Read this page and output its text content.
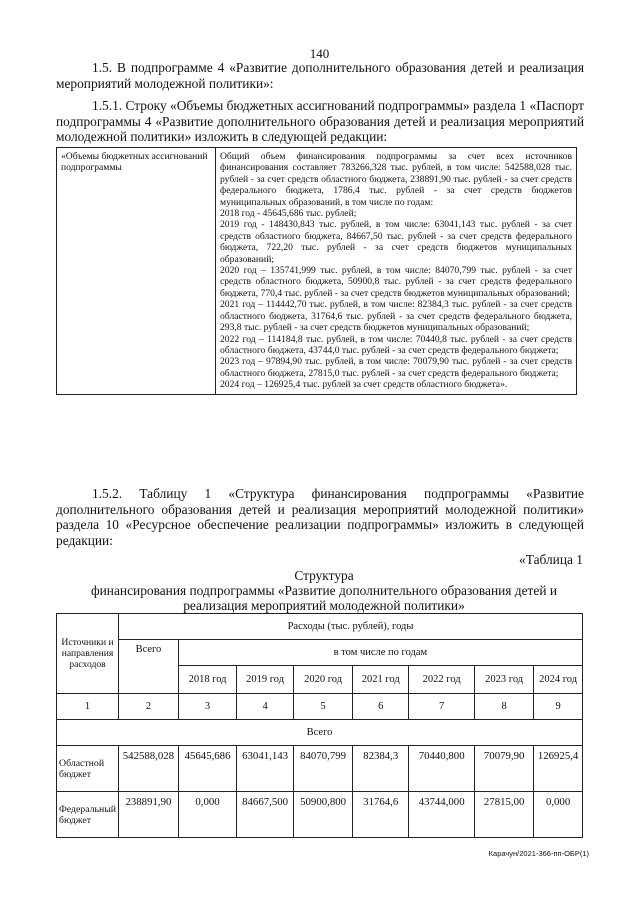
140

1.5. В подпрограмме 4 «Развитие дополнительного образования детей и реализация мероприятий молодежной политики»:

1.5.1. Строку «Объемы бюджетных ассигнований подпрограммы» раздела 1 «Паспорт подпрограммы 4 «Развитие дополнительного образования детей и реализация мероприятий молодежной политики» изложить в следующей редакции:

«Объемы бюджетных ассигнований подпрограммы	

Общий объем финансирования подпрограммы за счет всех источников финансирования составляет 783266,328 тыс. рублей, в том числе: 542588,028 тыс. рублей - за счет средств областного бюджета, 238891,90 тыс. рублей - за счет средств федерального бюджета, 1786,4 тыс. рублей - за счет средств бюджетов муниципальных образований, в том числе по годам:

2018 год - 45645,686 тыс. рублей;

2019 год - 148430,843 тыс. рублей, в том числе: 63041,143 тыс. рублей - за счет средств областного бюджета, 84667,50 тыс. рублей - за счет средств федерального бюджета, 722,20 тыс. рублей - за счет средств бюджетов муниципальных образований;

2020 год – 135741,999 тыс. рублей, в том числе: 84070,799 тыс. рублей - за счет средств областного бюджета, 50900,8 тыс. рублей - за счет средств федерального бюджета, 770,4 тыс. рублей - за счет средств бюджетов муниципальных образований;

2021 год – 114442,70 тыс. рублей, в том числе: 82384,3 тыс. рублей - за счет средств областного бюджета, 31764,6 тыс. рублей - за счет средств федерального бюджета, 293,8 тыс. рублей - за счет средств бюджетов муниципальных образований;

2022 год – 114184,8 тыс. рублей, в том числе: 70440,8 тыс. рублей - за счет средств областного бюджета, 43744,0 тыс. рублей - за счет средств федерального бюджета;

2023 год – 97894,90 тыс. рублей, в том числе: 70079,90 тыс. рублей - за счет средств областного бюджета, 27815,0 тыс. рублей - за счет средств федерального бюджета;

2024 год – 126925,4 тыс. рублей за счет средств областного бюджета».

1.5.2. Таблицу 1 «Структура финансирования подпрограммы «Развитие дополнительного образования детей и реализация мероприятий молодежной политики» раздела 10 «Ресурсное обеспечение реализации подпрограммы» изложить в следующей редакции:

«Таблица 1
Структура
финансирования подпрограммы «Развитие дополнительного образования детей и реализация мероприятий молодежной политики»
Источники и направления расходов	Расходы (тыс. рублей), годы							
	Всего	в том числе по годам						
		2018 год	2019 год	2020 год	2021 год	2022 год	2023 год	2024 год
1	2	3	4	5	6	7	8	9
Всего								
Областной бюджет	542588,028	45645,686	63041,143	84070,799	82384,3	70440,800	70079,90	126925,4
Федеральный бюджет	238891,90	0,000	84667,500	50900,800	31764,6	43744,000	27815,00	0,000
Карачун/2021-366-пп-ОБР(1)
